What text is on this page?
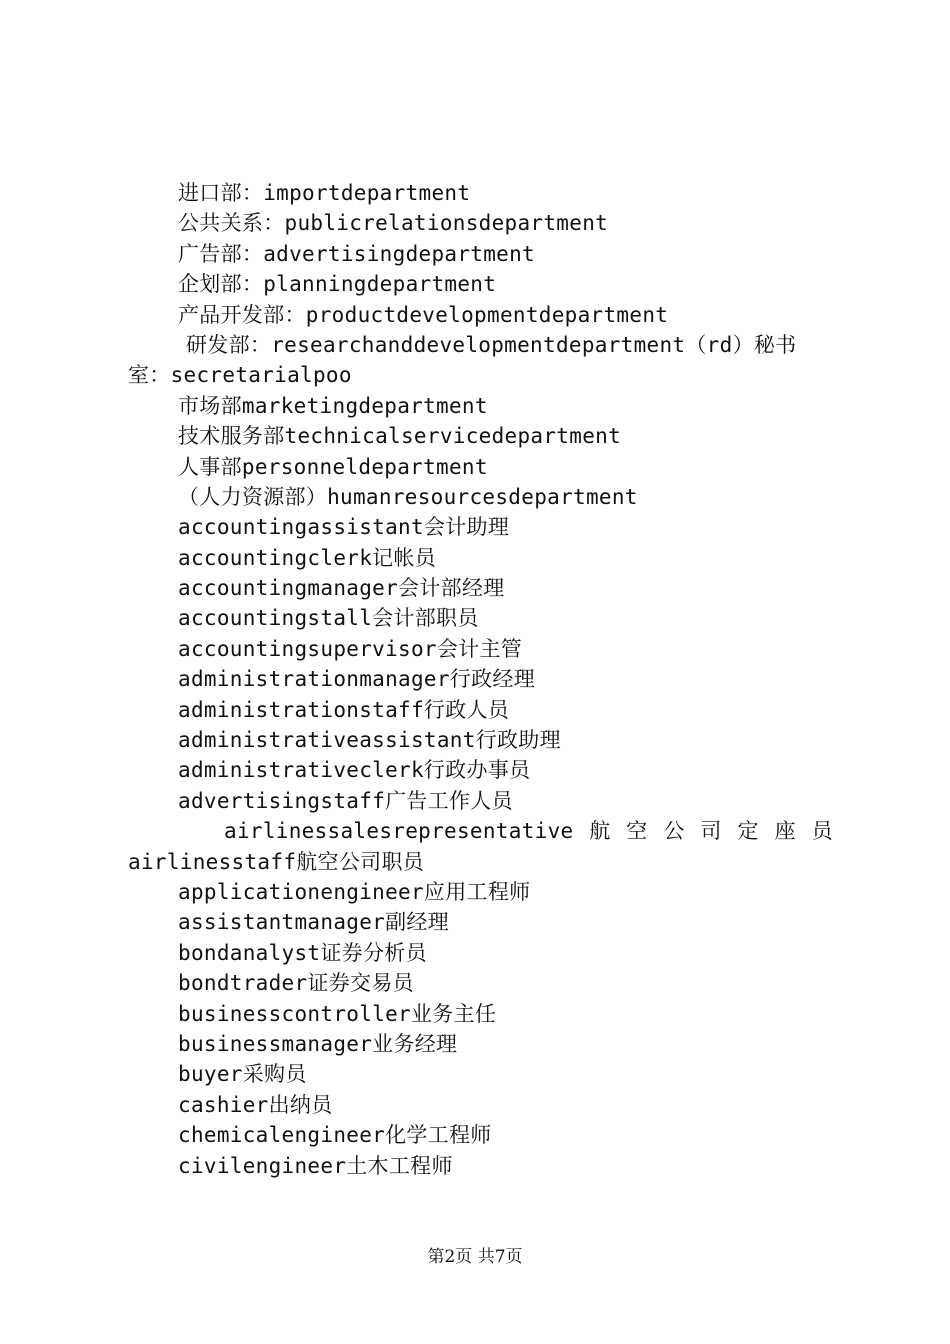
进口部：importdepartment
公共关系：publicrelationsdepartment
广告部：advertisingdepartment
企划部：planningdepartment
产品开发部：productdevelopmentdepartment
研发部：researchanddevelopmentdepartment（rd）秘书
室：secretarialpoo
市场部marketingdepartment
技术服务部technicalservicedepartment
人事部personneldepartment
（人力资源部）humanresourcesdepartment
accountingassistant会计助理
accountingclerk记帐员
accountingmanager会计部经理
accountingstall会计部职员
accountingsupervisor会计主管
administrationmanager行政经理
administrationstaff行政人员
administrativeassistant行政助理
administrativeclerk行政办事员
advertisingstaff广告工作人员
airlinessalesrepresentative 航 空 公 司 定 座 员
airlinesstaff航空公司职员
applicationengineer应用工程师
assistantmanager副经理
bondanalyst证券分析员
bondtrader证券交易员
businesscontroller业务主任
businessmanager业务经理
buyer采购员
cashier出纳员
chemicalengineer化学工程师
civilengineer土木工程师
第2页 共7页
